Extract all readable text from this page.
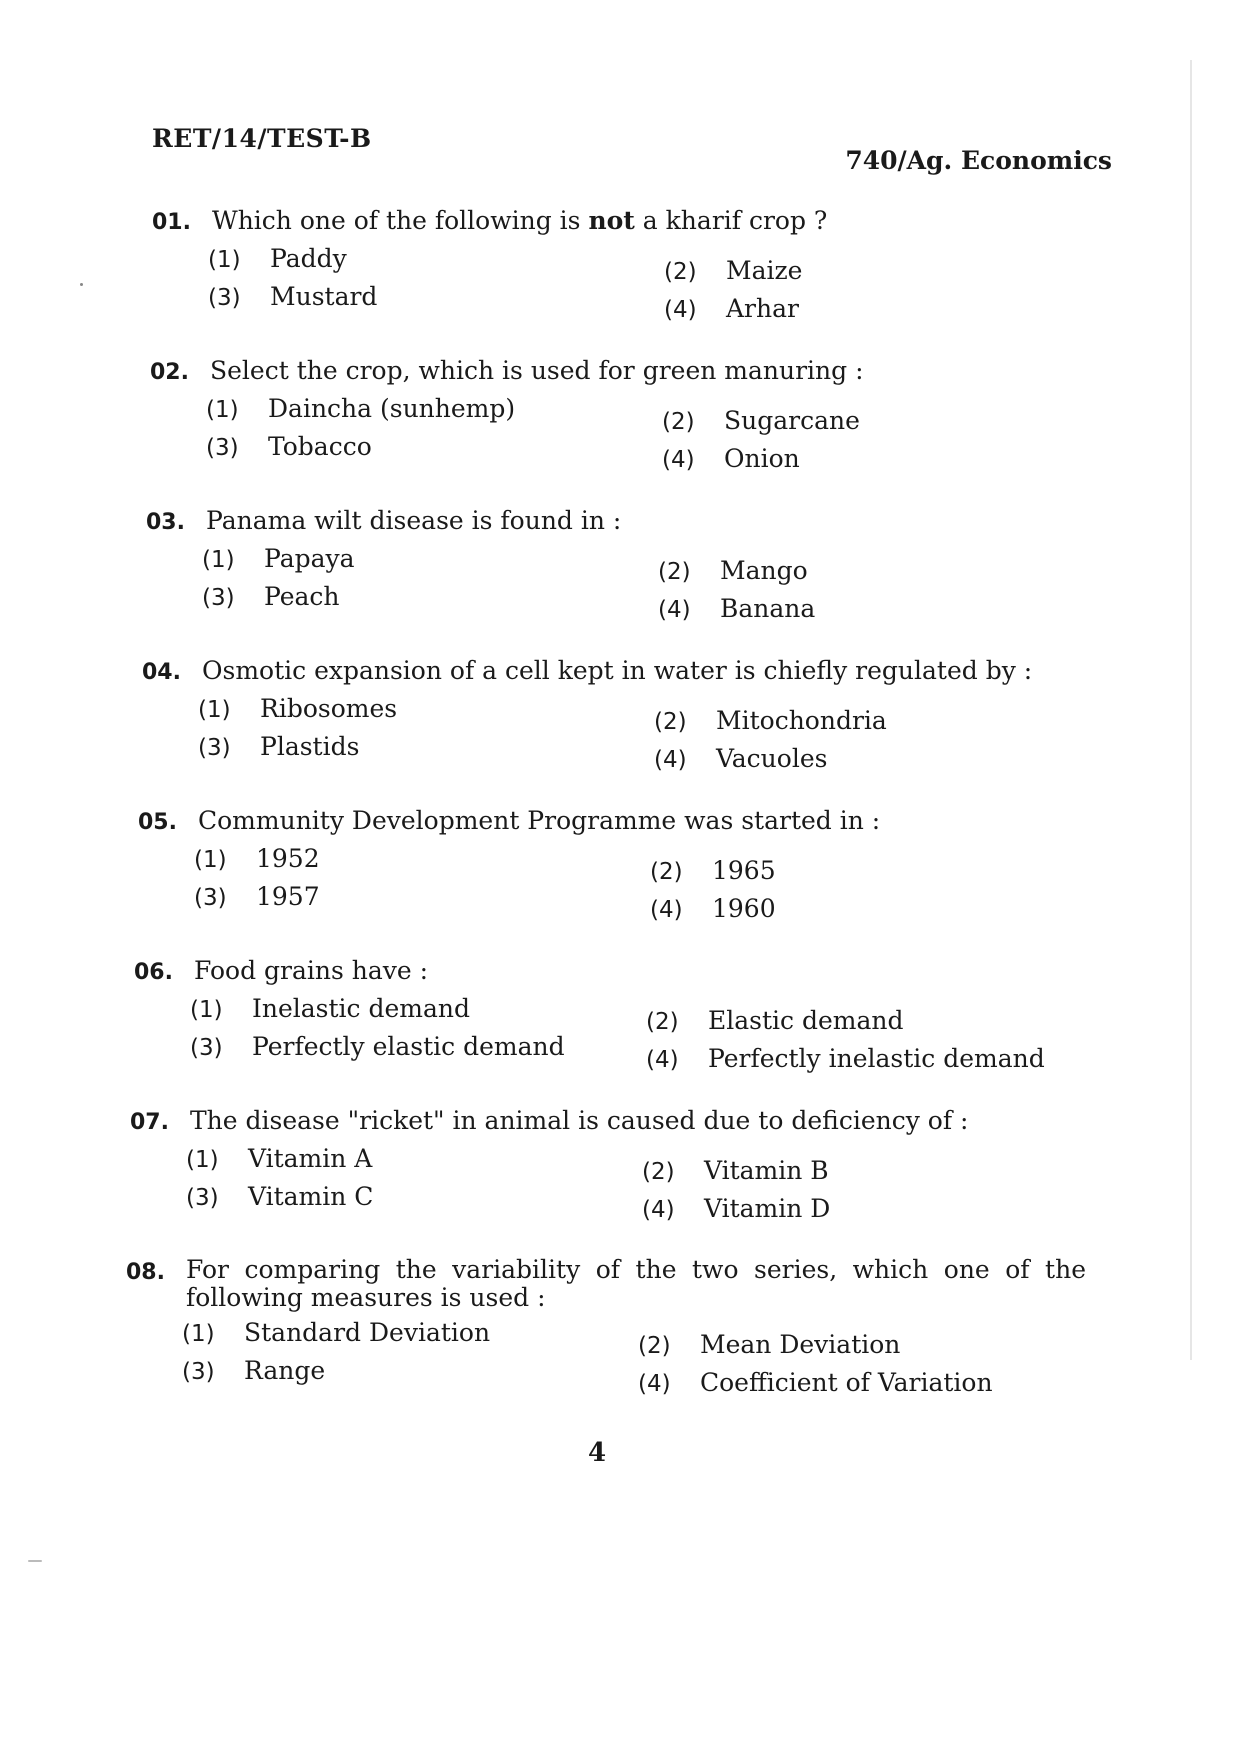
RET/14/TEST-B
740/Ag. Economics
01. Which one of the following is not a kharif crop ?
(1) Paddy	(2) Maize
(3) Mustard	(4) Arhar
02. Select the crop, which is used for green manuring :
(1) Daincha (sunhemp)	(2) Sugarcane
(3) Tobacco	(4) Onion
03. Panama wilt disease is found in :
(1) Papaya	(2) Mango
(3) Peach	(4) Banana
04. Osmotic expansion of a cell kept in water is chiefly regulated by :
(1) Ribosomes	(2) Mitochondria
(3) Plastids	(4) Vacuoles
05. Community Development Programme was started in :
(1) 1952	(2) 1965
(3) 1957	(4) 1960
06. Food grains have :
(1) Inelastic demand	(2) Elastic demand
(3) Perfectly elastic demand	(4) Perfectly inelastic demand
07. The disease "ricket" in animal is caused due to deficiency of :
(1) Vitamin A	(2) Vitamin B
(3) Vitamin C	(4) Vitamin D
08. For comparing the variability of the two series, which one of the following measures is used :
(1) Standard Deviation	(2) Mean Deviation
(3) Range	(4) Coefficient of Variation
4
